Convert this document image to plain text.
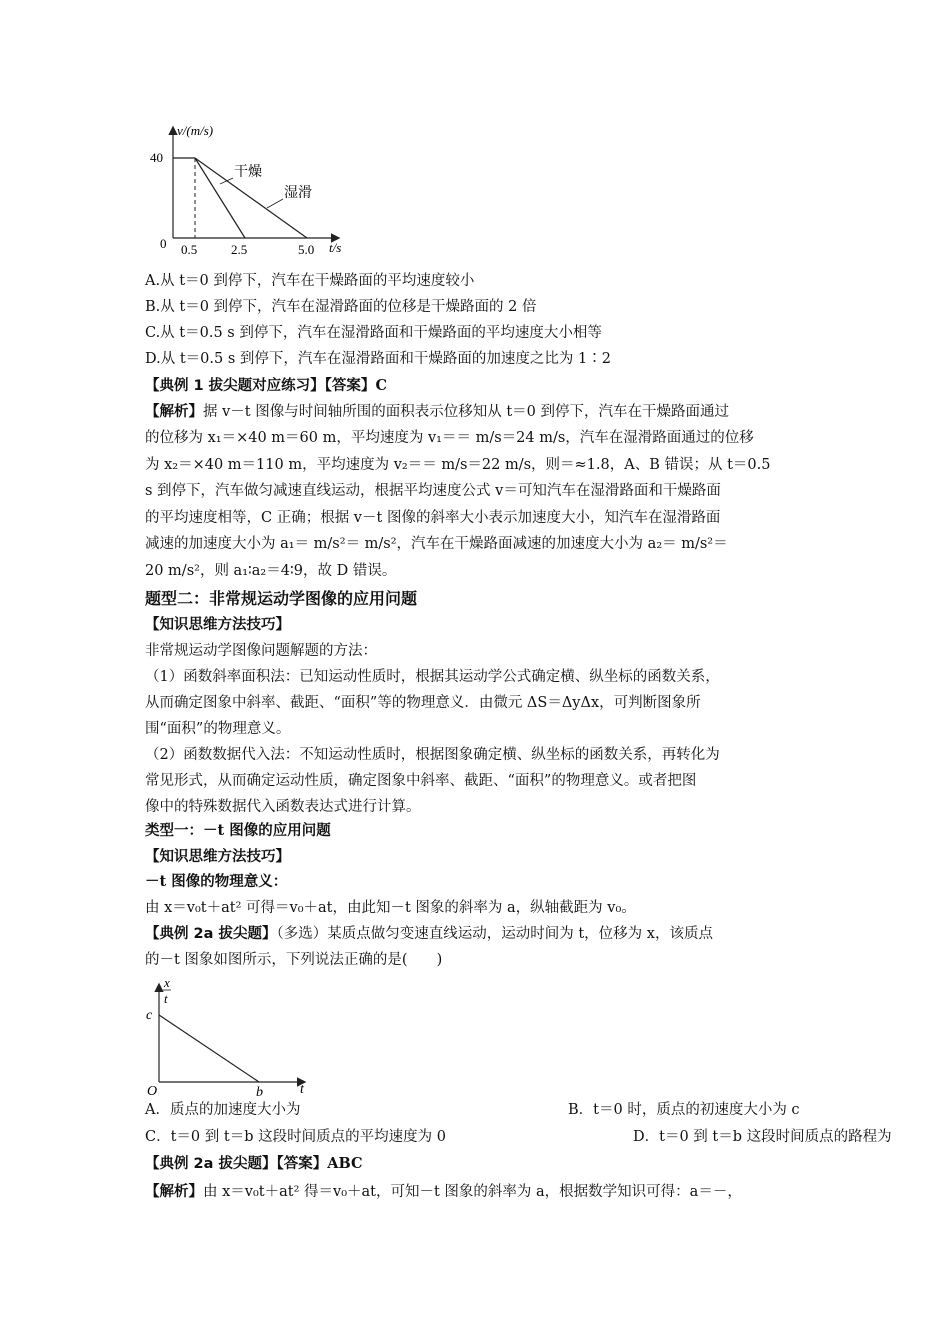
v/(m/s)
t/s
40
0 0.5	2.5	5.0
干燥
湿滑
A.从 t＝0 到停下，汽车在干燥路面的平均速度较小
B.从 t＝0 到停下，汽车在湿滑路面的位移是干燥路面的 2 倍
C.从 t＝0.5 s 到停下，汽车在湿滑路面和干燥路面的平均速度大小相等
D.从 t＝0.5 s 到停下，汽车在湿滑路面和干燥路面的加速度之比为 1∶2
【典例 1 拔尖题对应练习】【答案】C
【解析】据 v－t 图像与时间轴所围的面积表示位移知从 t＝0 到停下，汽车在干燥路面通过
的位移为 x₁＝×40 m＝60 m，平均速度为 v₁＝＝ m/s＝24 m/s，汽车在湿滑路面通过的位移
为 x₂＝×40 m＝110 m，平均速度为 v₂＝＝ m/s＝22 m/s，则＝≈1.8，A、B 错误；从 t＝0.5
s 到停下，汽车做匀减速直线运动，根据平均速度公式 v＝可知汽车在湿滑路面和干燥路面
的平均速度相等，C 正确；根据 v－t 图像的斜率大小表示加速度大小，知汽车在湿滑路面
减速的加速度大小为 a₁＝ m/s²＝ m/s²，汽车在干燥路面减速的加速度大小为 a₂＝ m/s²＝
20 m/s²，则 a₁∶a₂＝4∶9，故 D 错误。
题型二：非常规运动学图像的应用问题
【知识思维方法技巧】
非常规运动学图像问题解题的方法：
（1）函数斜率面积法：已知运动性质时，根据其运动学公式确定横、纵坐标的函数关系，
从而确定图象中斜率、截距、“面积”等的物理意义．由微元 ΔS＝ΔyΔx，可判断图象所
围“面积”的物理意义。
（2）函数数据代入法：不知运动性质时，根据图象确定横、纵坐标的函数关系，再转化为
常见形式，从而确定运动性质，确定图象中斜率、截距、“面积”的物理意义。或者把图
像中的特殊数据代入函数表达式进行计算。
类型一：－t 图像的应用问题
【知识思维方法技巧】
－t 图像的物理意义：
由 x＝v₀t＋at² 可得＝v₀＋at，由此知－t 图象的斜率为 a，纵轴截距为 v₀。
【典例 2a 拔尖题】（多选）某质点做匀变速直线运动，运动时间为 t，位移为 x，该质点
的－t 图象如图所示，下列说法正确的是(　　)
x
t
c
O	b	t
A．质点的加速度大小为	B．t＝0 时，质点的初速度大小为 c
C．t＝0 到 t＝b 这段时间质点的平均速度为 0	D．t＝0 到 t＝b 这段时间质点的路程为
【典例 2a 拔尖题】【答案】ABC
【解析】由 x＝v₀t＋at² 得＝v₀＋at，可知－t 图象的斜率为 a，根据数学知识可得：a＝－，
